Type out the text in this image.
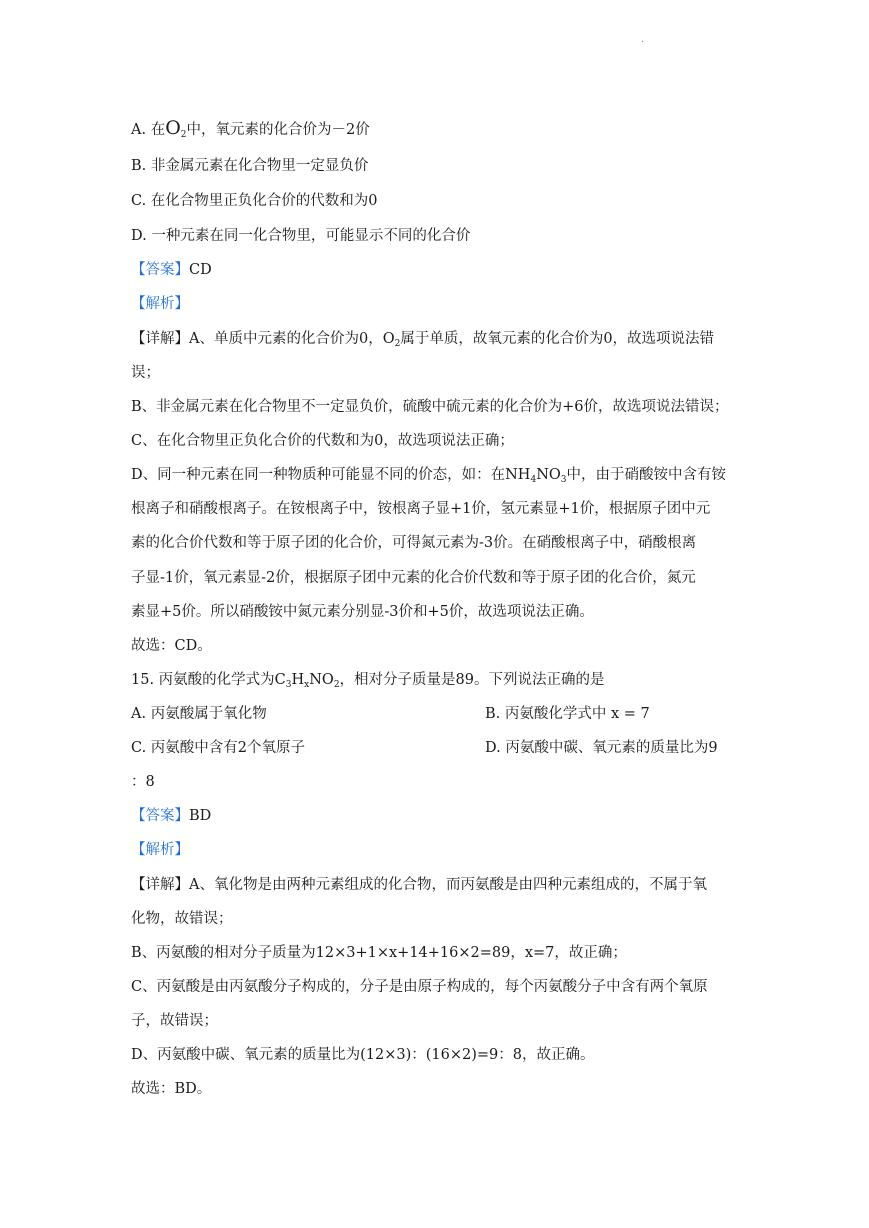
.
A. 在$O_2$中，氧元素的化合价为－2价
B. 非金属元素在化合物里一定显负价
C. 在化合物里正负化合价的代数和为0
D. 一种元素在同一化合物里，可能显示不同的化合价
【答案】CD
【解析】
【详解】A、单质中元素的化合价为0，$O_2$属于单质，故氧元素的化合价为0，故选项说法错
误；
B、非金属元素在化合物里不一定显负价，硫酸中硫元素的化合价为+6价，故选项说法错误；
C、在化合物里正负化合价的代数和为0，故选项说法正确；
D、同一种元素在同一种物质种可能显不同的价态，如：在$NH_4NO_3$中，由于硝酸铵中含有铵
根离子和硝酸根离子。在铵根离子中，铵根离子显+1价，氢元素显+1价，根据原子团中元
素的化合价代数和等于原子团的化合价，可得氮元素为-3价。在硝酸根离子中，硝酸根离
子显-1价，氧元素显-2价，根据原子团中元素的化合价代数和等于原子团的化合价，氮元
素显+5价。所以硝酸铵中氮元素分别显-3价和+5价，故选项说法正确。
故选：CD。
15. 丙氨酸的化学式为$C_3H_xNO_2$，相对分子质量是89。下列说法正确的是
A. 丙氨酸属于氧化物	B. 丙氨酸化学式中 x = 7
C. 丙氨酸中含有2个氧原子	D. 丙氨酸中碳、氧元素的质量比为9
：8
【答案】BD
【解析】
【详解】A、氧化物是由两种元素组成的化合物，而丙氨酸是由四种元素组成的，不属于氧
化物，故错误；
B、丙氨酸的相对分子质量为12×3+1×x+14+16×2=89，x=7，故正确；
C、丙氨酸是由丙氨酸分子构成的，分子是由原子构成的，每个丙氨酸分子中含有两个氧原
子，故错误；
D、丙氨酸中碳、氧元素的质量比为(12×3)：(16×2)=9：8，故正确。
故选：BD。
